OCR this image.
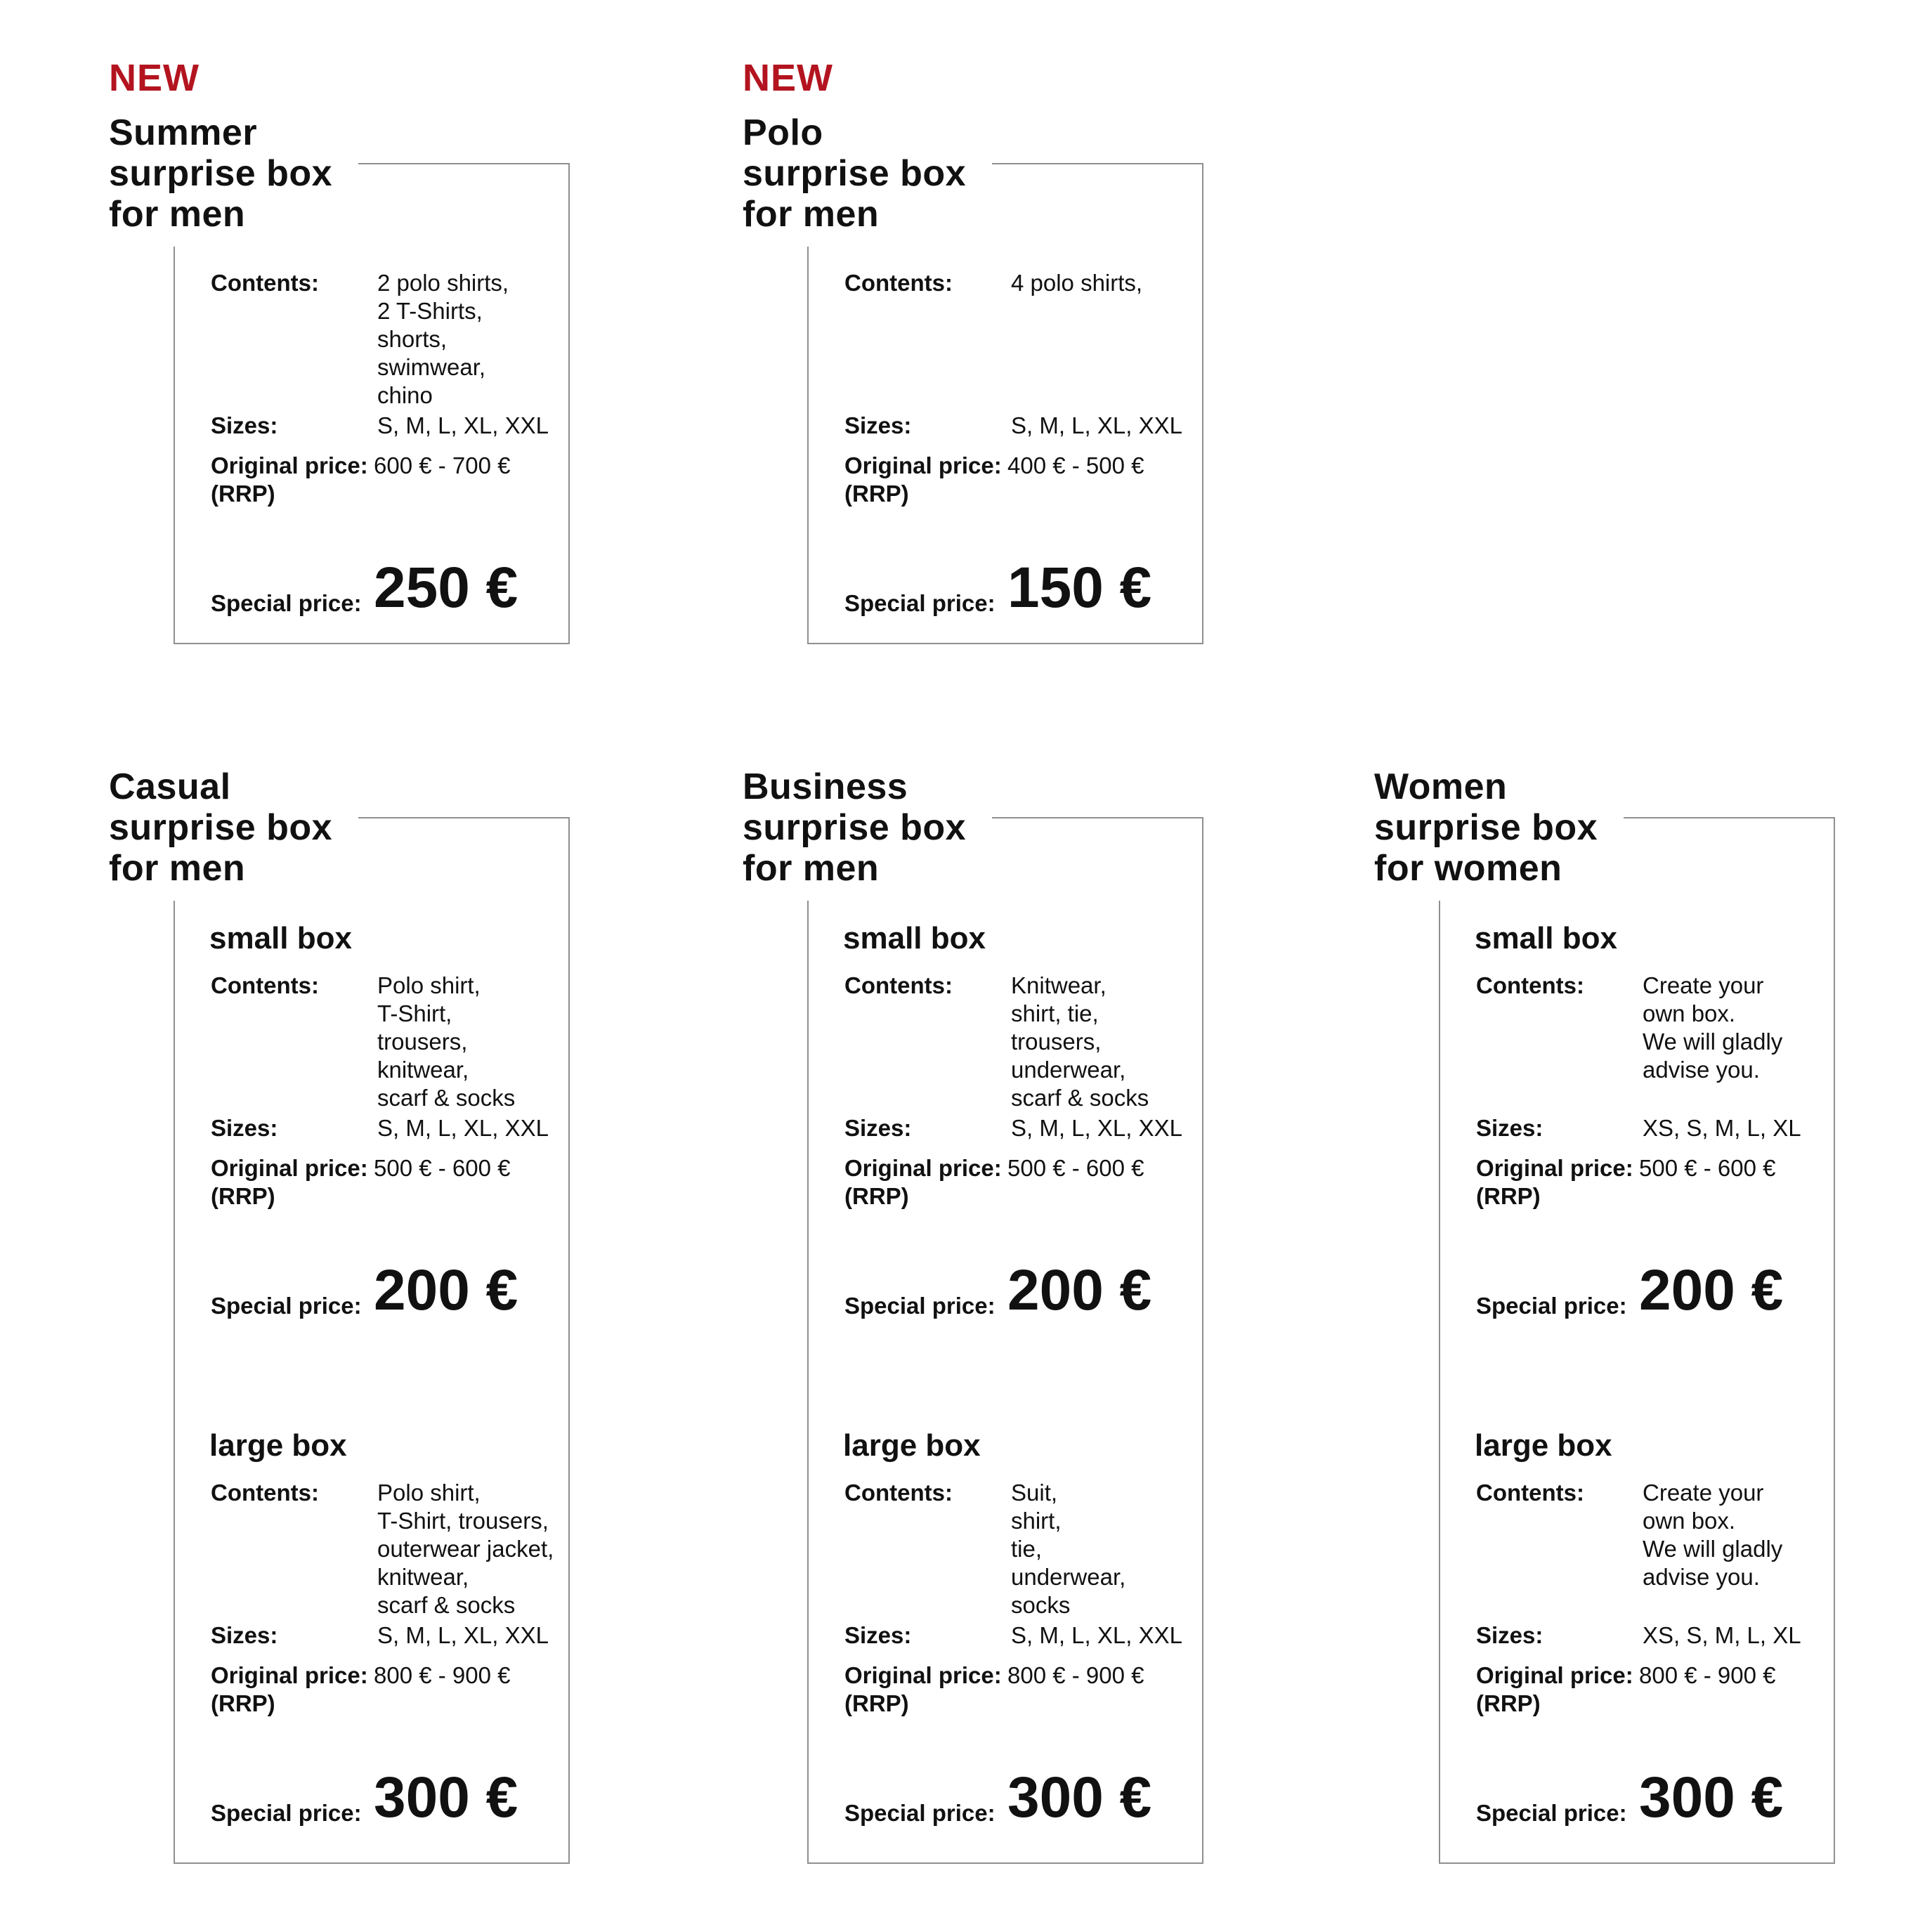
NEW
Summer
surprise box
for men
Contents:	2 polo shirts,
2 T-Shirts,
shorts,
swimwear,
chino
Sizes:	S, M, L, XL, XXL
Original price:
(RRP)
600 € - 700 €
Special price: 250 €
NEW
Polo
surprise box
for men
Contents:	4 polo shirts,
Sizes:	S, M, L, XL, XXL
Original price:
(RRP)
400 € - 500 €
Special price: 150 €
Casual
surprise box
for men
small box
Contents:	Polo shirt,
T-Shirt,
trousers,
knitwear,
scarf & socks
Sizes:	S, M, L, XL, XXL
Original price:
(RRP)
500 € - 600 €
Special price: 200 €
large box
Contents:	Polo shirt,
T-Shirt, trousers,
outerwear jacket,
knitwear,
scarf & socks
Sizes:	S, M, L, XL, XXL
Original price:
(RRP)
800 € - 900 €
Special price: 300 €
Business
surprise box
for men
small box
Contents:	Knitwear,
shirt, tie,
trousers,
underwear,
scarf & socks
Sizes:	S, M, L, XL, XXL
Original price:
(RRP)
500 € - 600 €
Special price: 200 €
large box
Contents:	Suit,
shirt,
tie,
underwear,
socks
Sizes:	S, M, L, XL, XXL
Original price:
(RRP)
800 € - 900 €
Special price: 300 €
Women
surprise box
for women
small box
Contents:	Create your
own box.
We will gladly
advise you.
Sizes:	XS, S, M, L, XL
Original price:
(RRP)
500 € - 600 €
Special price: 200 €
large box
Contents:	Create your
own box.
We will gladly
advise you.
Sizes:	XS, S, M, L, XL
Original price:
(RRP)
800 € - 900 €
Special price: 300 €
